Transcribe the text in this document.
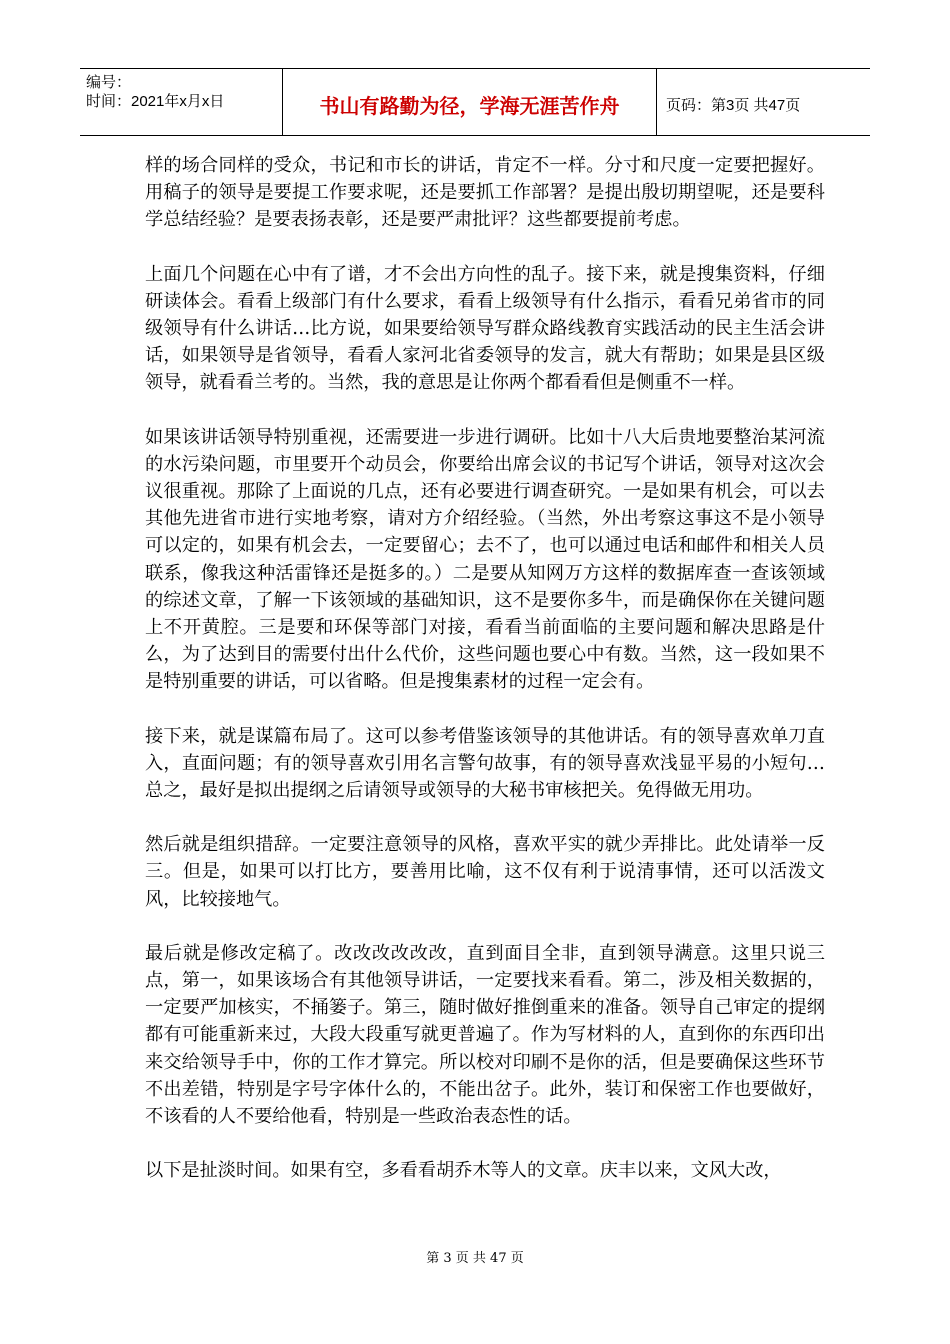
编号：
时间：2021年x月x日	书山有路勤为径，学海无涯苦作舟	页码：第3页 共47页

样的场合同样的受众，书记和市长的讲话，肯定不一样。分寸和尺度一定要把握好。用稿子的领导是要提工作要求呢，还是要抓工作部署？是提出殷切期望呢，还是要科学总结经验？是要表扬表彰，还是要严肃批评？这些都要提前考虑。

上面几个问题在心中有了谱，才不会出方向性的乱子。接下来，就是搜集资料，仔细研读体会。看看上级部门有什么要求，看看上级领导有什么指示，看看兄弟省市的同级领导有什么讲话…比方说，如果要给领导写群众路线教育实践活动的民主生活会讲话，如果领导是省领导，看看人家河北省委领导的发言，就大有帮助；如果是县区级领导，就看看兰考的。当然，我的意思是让你两个都看看但是侧重不一样。

如果该讲话领导特别重视，还需要进一步进行调研。比如十八大后贵地要整治某河流的水污染问题，市里要开个动员会，你要给出席会议的书记写个讲话，领导对这次会议很重视。那除了上面说的几点，还有必要进行调查研究。一是如果有机会，可以去其他先进省市进行实地考察，请对方介绍经验。（当然，外出考察这事这不是小领导可以定的，如果有机会去，一定要留心；去不了，也可以通过电话和邮件和相关人员联系，像我这种活雷锋还是挺多的。）二是要从知网万方这样的数据库查一查该领域的综述文章，了解一下该领域的基础知识，这不是要你多牛，而是确保你在关键问题上不开黄腔。三是要和环保等部门对接，看看当前面临的主要问题和解决思路是什么，为了达到目的需要付出什么代价，这些问题也要心中有数。当然，这一段如果不是特别重要的讲话，可以省略。但是搜集素材的过程一定会有。

接下来，就是谋篇布局了。这可以参考借鉴该领导的其他讲话。有的领导喜欢单刀直入，直面问题；有的领导喜欢引用名言警句故事，有的领导喜欢浅显平易的小短句…总之，最好是拟出提纲之后请领导或领导的大秘书审核把关。免得做无用功。

然后就是组织措辞。一定要注意领导的风格，喜欢平实的就少弄排比。此处请举一反三。但是，如果可以打比方，要善用比喻，这不仅有利于说清事情，还可以活泼文风，比较接地气。

最后就是修改定稿了。改改改改改改，直到面目全非，直到领导满意。这里只说三点，第一，如果该场合有其他领导讲话，一定要找来看看。第二，涉及相关数据的，一定要严加核实，不捅篓子。第三，随时做好推倒重来的准备。领导自己审定的提纲都有可能重新来过，大段大段重写就更普遍了。作为写材料的人，直到你的东西印出来交给领导手中，你的工作才算完。所以校对印刷不是你的活，但是要确保这些环节不出差错，特别是字号字体什么的，不能出岔子。此外，装订和保密工作也要做好，不该看的人不要给他看，特别是一些政治表态性的话。

以下是扯淡时间。如果有空，多看看胡乔木等人的文章。庆丰以来，文风大改，

第 3 页 共 47 页
